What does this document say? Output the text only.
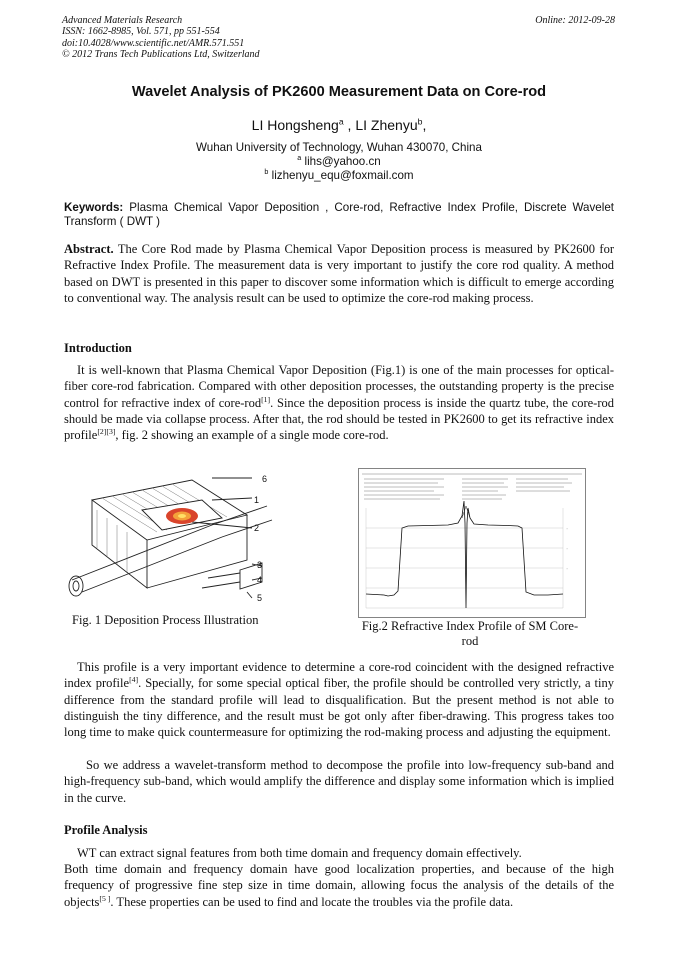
Advanced Materials Research
ISSN: 1662-8985, Vol. 571, pp 551-554
doi:10.4028/www.scientific.net/AMR.571.551
© 2012 Trans Tech Publications Ltd, Switzerland
Online: 2012-09-28
Wavelet Analysis of PK2600 Measurement Data on Core-rod
LI Hongsheng$^a$ , LI Zhenyu$^b$,
Wuhan University of Technology, Wuhan 430070, China
$^a$ lihs@yahoo.cn
$^b$ lizhenyu_equ@foxmail.com
Keywords: Plasma Chemical Vapor Deposition , Core-rod, Refractive Index Profile, Discrete Wavelet Transform ( DWT )
Abstract. The Core Rod made by Plasma Chemical Vapor Deposition process is measured by PK2600 for Refractive Index Profile. The measurement data is very important to justify the core rod quality. A method based on DWT is presented in this paper to discover some information which is difficult to emerge according to conventional way. The analysis result can be used to optimize the core-rod making process.
Introduction
It is well-known that Plasma Chemical Vapor Deposition (Fig.1) is one of the main processes for optical-fiber core-rod fabrication. Compared with other deposition processes, the outstanding property is the precise control for refractive index of core-rod[1]. Since the deposition process is inside the quartz tube, the core-rod should be made via collapse process. After that, the rod should be tested in PK2600 to get its refractive index profile[2][3], fig. 2 showing an example of a single mode core-rod.
6
1
2
3
4
5
·
·
·
Fig. 1 Deposition Process Illustration	Fig.2 Refractive Index Profile of SM Core-rod
This profile is a very important evidence to determine a core-rod coincident with the designed refractive index profile[4]. Specially, for some special optical fiber, the profile should be controlled very strictly, a tiny difference from the standard profile will lead to disqualification. But the present method is not able to distinguish the tiny difference, and the result must be got only after fiber-drawing. This progress takes too long time to make quick countermeasure for optimizing the rod-making process and adjusting the equipment.
So we address a wavelet-transform method to decompose the profile into low-frequency sub-band and high-frequency sub-band, which would amplify the difference and display some information which is implied in the curve.
Profile Analysis
WT can extract signal features from both time domain and frequency domain effectively.
Both time domain and frequency domain have good localization properties, and because of the high frequency of progressive fine step size in time domain, allowing focus the analysis of the details of the objects[5 ]. These properties can be used to find and locate the troubles via the profile data.
